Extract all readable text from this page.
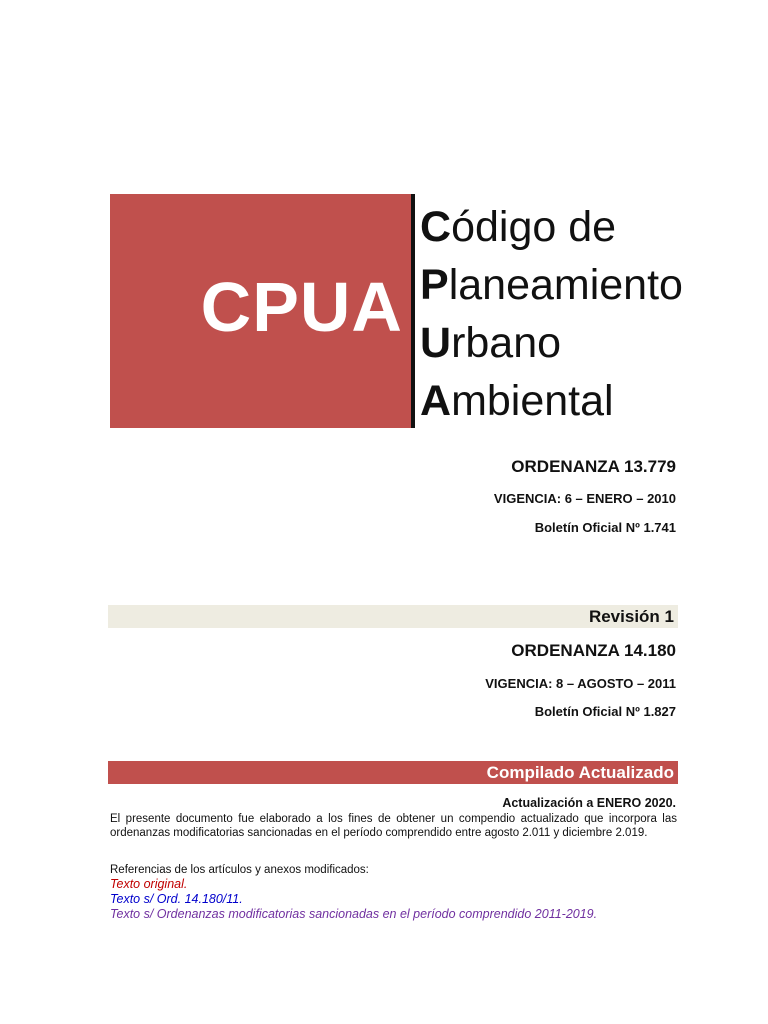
CPUA
Código de
Planeamiento
Urbano
Ambiental
ORDENANZA 13.779
VIGENCIA: 6 – ENERO – 2010
Boletín Oficial Nº 1.741
Revisión 1
ORDENANZA 14.180
VIGENCIA: 8 – AGOSTO – 2011
Boletín Oficial Nº 1.827
Compilado Actualizado
Actualización a ENERO 2020.
El presente documento fue elaborado a los fines de obtener un compendio actualizado que incorpora las ordenanzas modificatorias sancionadas en el período comprendido entre agosto 2.011 y diciembre 2.019.
Referencias de los artículos y anexos modificados:
Texto original.
Texto s/ Ord. 14.180/11.
Texto s/ Ordenanzas modificatorias sancionadas en el período comprendido 2011-2019.
